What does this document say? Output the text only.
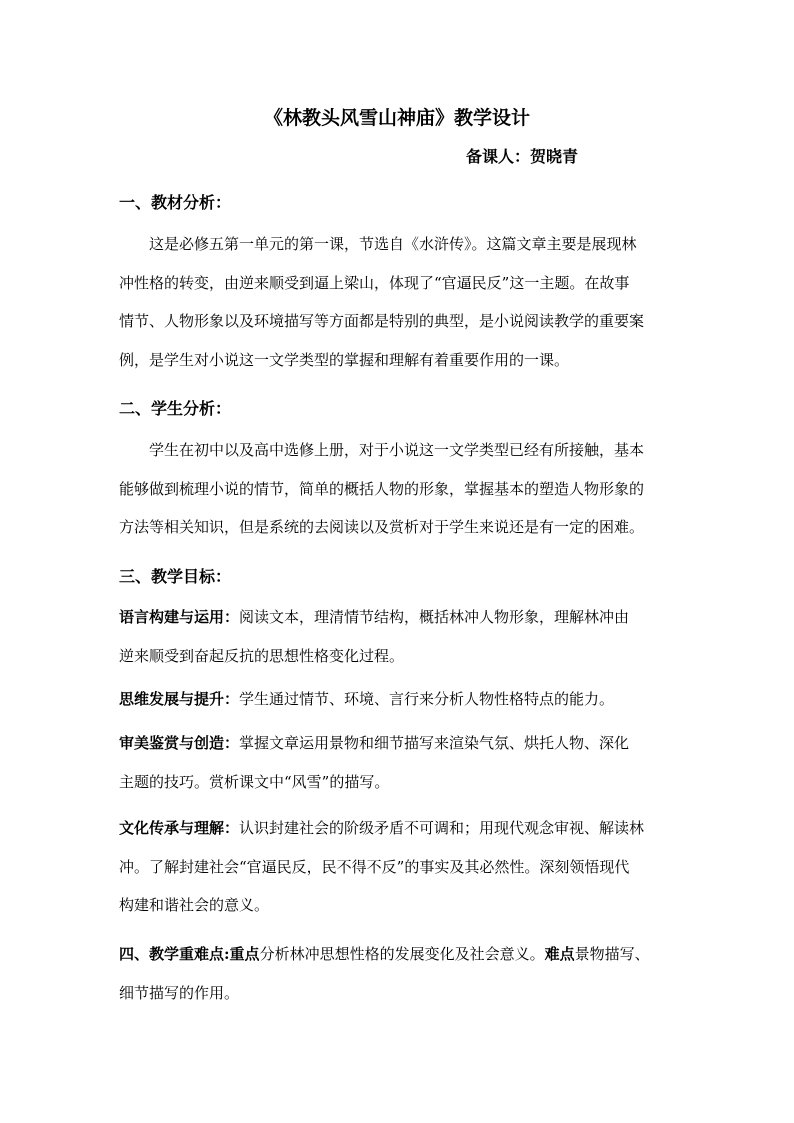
《林教头风雪山神庙》教学设计
备课人：贺晓青
一、教材分析：
这是必修五第一单元的第一课，节选自《水浒传》。这篇文章主要是展现林
冲性格的转变，由逆来顺受到逼上梁山，体现了“官逼民反”这一主题。在故事
情节、人物形象以及环境描写等方面都是特别的典型，是小说阅读教学的重要案
例，是学生对小说这一文学类型的掌握和理解有着重要作用的一课。
二、学生分析：
学生在初中以及高中选修上册，对于小说这一文学类型已经有所接触，基本
能够做到梳理小说的情节，简单的概括人物的形象，掌握基本的塑造人物形象的
方法等相关知识，但是系统的去阅读以及赏析对于学生来说还是有一定的困难。
三、教学目标：
语言构建与运用：阅读文本，理清情节结构，概括林冲人物形象，理解林冲由
逆来顺受到奋起反抗的思想性格变化过程。
思维发展与提升：学生通过情节、环境、言行来分析人物性格特点的能力。
审美鉴赏与创造：掌握文章运用景物和细节描写来渲染气氛、烘托人物、深化
主题的技巧。赏析课文中“风雪”的描写。
文化传承与理解：认识封建社会的阶级矛盾不可调和；用现代观念审视、解读林
冲。了解封建社会“官逼民反，民不得不反”的事实及其必然性。深刻领悟现代
构建和谐社会的意义。
四、教学重难点:重点分析林冲思想性格的发展变化及社会意义。难点景物描写、
细节描写的作用。
